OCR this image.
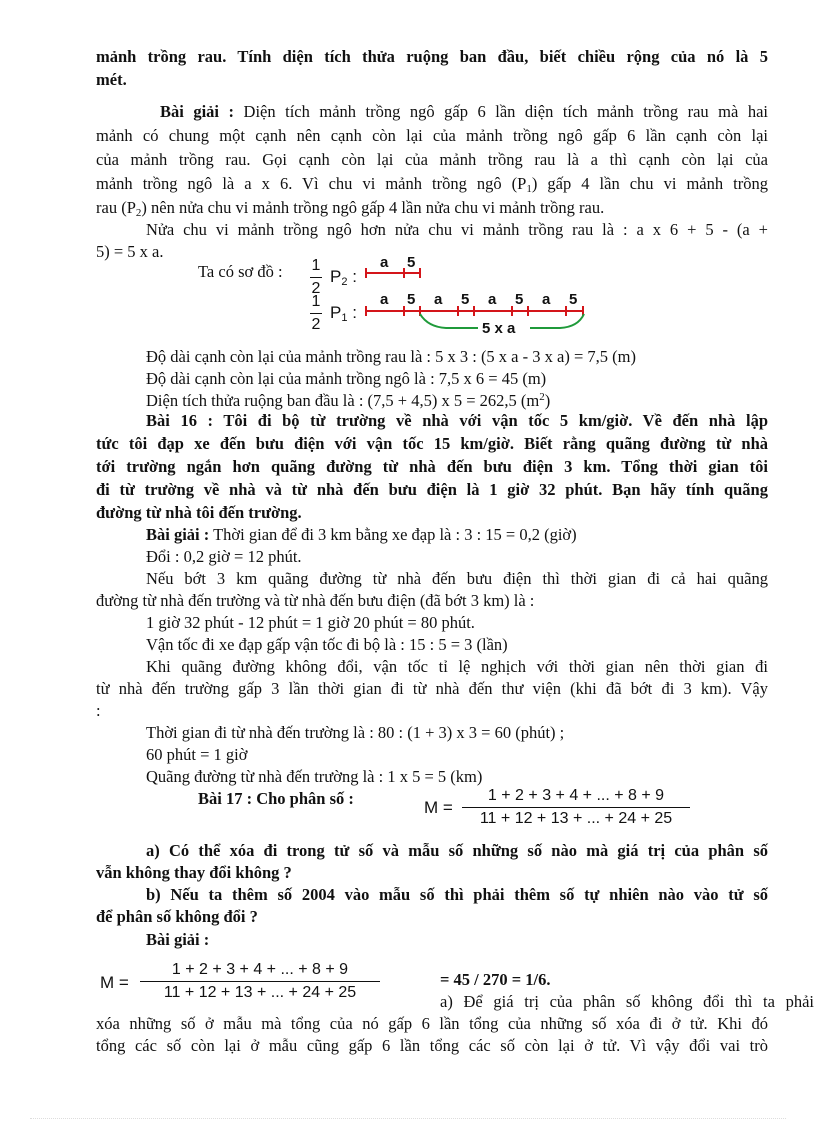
mảnh trồng rau. Tính diện tích thửa ruộng ban đầu, biết chiều rộng của nó là 5
mét.
Bài giải : Diện tích mảnh trồng ngô gấp 6 lần diện tích mảnh trồng rau mà hai
mảnh có chung một cạnh nên cạnh còn lại của mảnh trồng ngô gấp 6 lần cạnh còn lại
của mảnh trồng rau. Gọi cạnh còn lại của mảnh trồng rau là a thì cạnh còn lại của
mảnh trồng ngô là a x 6. Vì chu vi mảnh trồng ngô $(P_1)$ gấp 4 lần chu vi mảnh trồng
rau $(P_2)$ nên nửa chu vi mảnh trồng ngô gấp 4 lần nửa chu vi mảnh trồng rau.
Nửa chu vi mảnh trồng ngô hơn nửa chu vi mảnh trồng rau là : a x 6 + 5 - (a +
5) = 5 x a.
Ta có sơ đồ : 1
2
$P_2$ :
1
2
$P_1$ :
a 5
a 5 a 5 a 5 a 5
5 x a
Độ dài cạnh còn lại của mảnh trồng rau là : 5 x 3 : (5 x a - 3 x a) = 7,5 (m)
Độ dài cạnh còn lại của mảnh trồng ngô là : 7,5 x 6 = 45 (m)
Diện tích thửa ruộng ban đầu là : (7,5 + 4,5) x 5 = 262,5 $(m^2)$
Bài 16 : Tôi đi bộ từ trường về nhà với vận tốc 5 km/giờ. Về đến nhà lập
tức tôi đạp xe đến bưu điện với vận tốc 15 km/giờ. Biết rằng quãng đường từ nhà
tới trường ngắn hơn quãng đường từ nhà đến bưu điện 3 km. Tổng thời gian tôi
đi từ trường về nhà và từ nhà đến bưu điện là 1 giờ 32 phút. Bạn hãy tính quãng
đường từ nhà tôi đến trường.
Bài giải : Thời gian để đi 3 km bằng xe đạp là : 3 : 15 = 0,2 (giờ)
Đổi : 0,2 giờ = 12 phút.
Nếu bớt 3 km quãng đường từ nhà đến bưu điện thì thời gian đi cả hai quãng
đường từ nhà đến trường và từ nhà đến bưu điện (đã bớt 3 km) là :
1 giờ 32 phút - 12 phút = 1 giờ 20 phút = 80 phút.
Vận tốc đi xe đạp gấp vận tốc đi bộ là : 15 : 5 = 3 (lần)
Khi quãng đường không đổi, vận tốc tỉ lệ nghịch với thời gian nên thời gian đi
từ nhà đến trường gấp 3 lần thời gian đi từ nhà đến thư viện (khi đã bớt đi 3 km). Vậy
:
Thời gian đi từ nhà đến trường là : 80 : (1 + 3) x 3 = 60 (phút) ;
60 phút = 1 giờ
Quãng đường từ nhà đến trường là : 1 x 5 = 5 (km)
Bài 17 : Cho phân số :	M =
1 + 2 + 3 + 4 + ... + 8 + 9
11 + 12 + 13 + ... + 24 + 25
a) Có thể xóa đi trong tử số và mẫu số những số nào mà giá trị của phân số
vẫn không thay đổi không ?
b) Nếu ta thêm số 2004 vào mẫu số thì phải thêm số tự nhiên nào vào tử số
để phân số không đổi ?
Bài giải :
M =
1 + 2 + 3 + 4 + ... + 8 + 9
11 + 12 + 13 + ... + 24 + 25
= 45 / 270 = 1/6.
a) Để giá trị của phân số không đổi thì ta phải
xóa những số ở mẫu mà tổng của nó gấp 6 lần tổng của những số xóa đi ở tử. Khi đó
tổng các số còn lại ở mẫu cũng gấp 6 lần tổng các số còn lại ở tử. Vì vậy đổi vai trò
